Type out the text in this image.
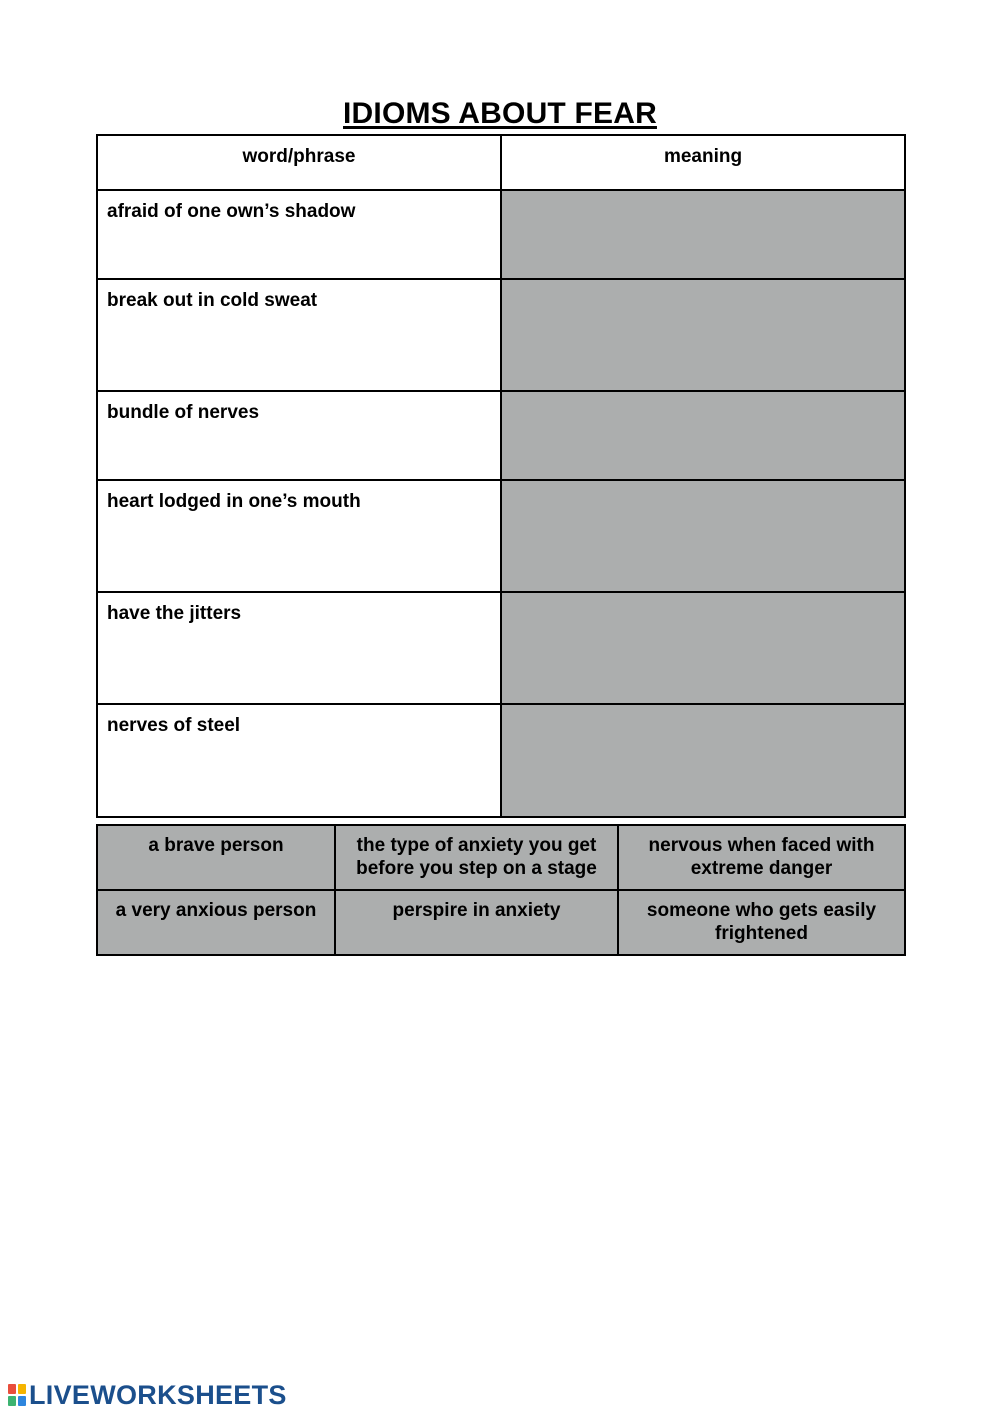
IDIOMS ABOUT FEAR
word/phrase	meaning
afraid of one own’s shadow	
break out in cold sweat	
bundle of nerves	
heart lodged in one’s mouth	
have the jitters	
nerves of steel	
a brave person	the type of anxiety you get before you step on a stage	nervous when faced with extreme danger
a very anxious person	perspire in anxiety	someone who gets easily frightened
LIVEWORKSHEETS
